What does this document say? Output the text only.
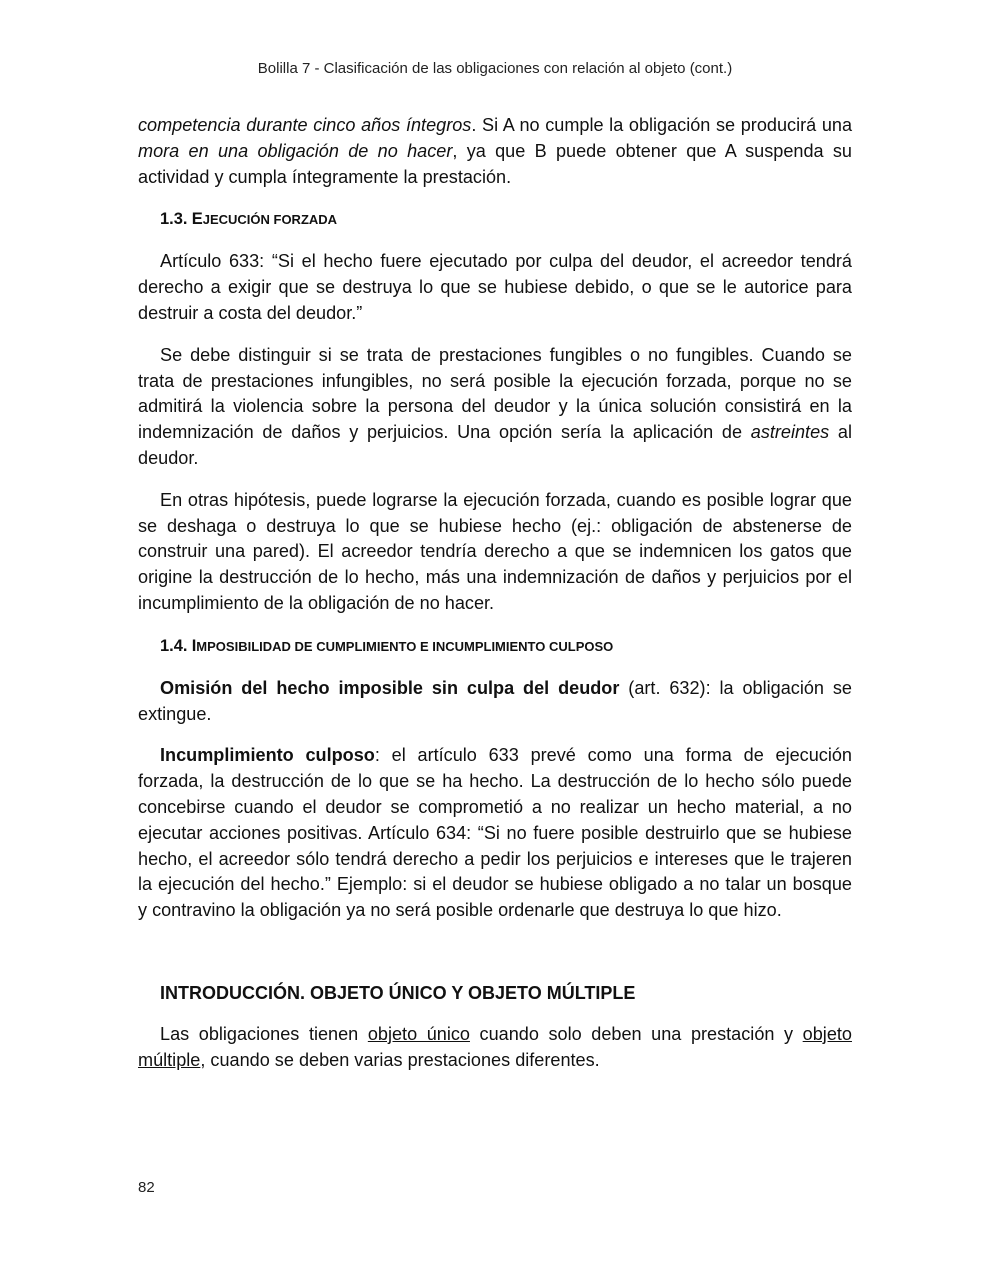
Bolilla 7 - Clasificación de las obligaciones con relación al objeto (cont.)

competencia durante cinco años íntegros. Si A no cumple la obligación se producirá una mora en una obligación de no hacer, ya que B puede obtener que A suspenda su actividad y cumpla íntegramente la prestación.

1.3. EJECUCIÓN FORZADA

Artículo 633: “Si el hecho fuere ejecutado por culpa del deudor, el acreedor tendrá derecho a exigir que se destruya lo que se hubiese debido, o que se le autorice para destruir a costa del deudor.”

Se debe distinguir si se trata de prestaciones fungibles o no fungibles. Cuando se trata de prestaciones infungibles, no será posible la ejecución forzada, porque no se admitirá la violencia sobre la persona del deudor y la única solución consistirá en la indemnización de daños y perjuicios. Una opción sería la aplicación de astreintes al deudor.

En otras hipótesis, puede lograrse la ejecución forzada, cuando es posible lograr que se deshaga o destruya lo que se hubiese hecho (ej.: obligación de abstenerse de construir una pared). El acreedor tendría derecho a que se indemnicen los gatos que origine la destrucción de lo hecho, más una indemnización de daños y perjuicios por el incumplimiento de la obligación de no hacer.

1.4. IMPOSIBILIDAD DE CUMPLIMIENTO E INCUMPLIMIENTO CULPOSO

Omisión del hecho imposible sin culpa del deudor (art. 632): la obligación se extingue.

Incumplimiento culposo: el artículo 633 prevé como una forma de ejecución forzada, la destrucción de lo que se ha hecho. La destrucción de lo hecho sólo puede concebirse cuando el deudor se comprometió a no realizar un hecho material, a no ejecutar acciones positivas. Artículo 634: “Si no fuere posible destruirlo que se hubiese hecho, el acreedor sólo tendrá derecho a pedir los perjuicios e intereses que le trajeren la ejecución del hecho.” Ejemplo: si el deudor se hubiese obligado a no talar un bosque y contravino la obligación ya no será posible ordenarle que destruya lo que hizo.

INTRODUCCIÓN. OBJETO ÚNICO Y OBJETO MÚLTIPLE

Las obligaciones tienen objeto único cuando solo deben una prestación y objeto múltiple, cuando se deben varias prestaciones diferentes.

82
